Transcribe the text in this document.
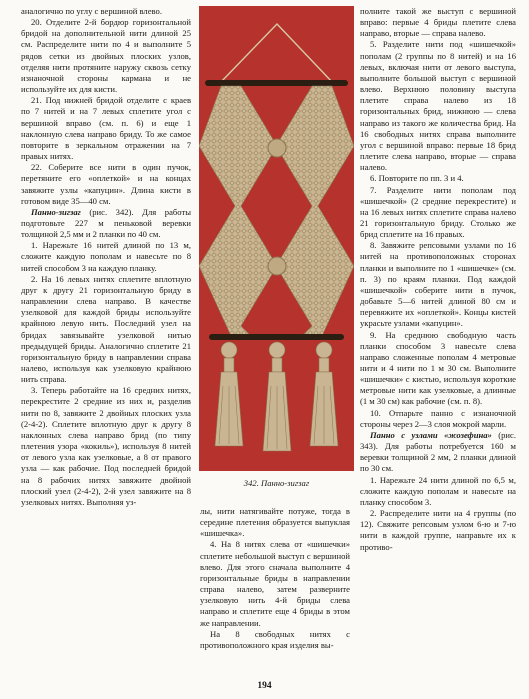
аналогично по углу с вершиной влево.

20. Отделите 2-й бордюр горизонтальной бридой на дополнительной нити длиной 25 см. Распределите нити по 4 и выполните 5 рядов сетки из двойных плоских узлов, отделяя нити протяните наружу сквозь сетку изнаночной стороны кармана и не используйте их для кисти.

21. Под нижней бридой отделите с краев по 7 нитей и на 7 левых сплетите угол с вершиной вправо (см. п. 6) и еще 1 наклонную слева направо бриду. То же самое повторите в зеркальном отражении на 7 правых нитях.

22. Соберите все нити в один пучок, перетяните его «оплеткой» и на концах завяжите узлы «капуцин». Длина кисти в готовом виде 35—40 см.

Панно-зигзаг (рис. 342). Для работы подготовьте 227 м пеньковой веревки толщиной 2,5 мм и 2 планки по 40 см.

1. Нарежьте 16 нитей длиной по 13 м, сложите каждую пополам и навесьте по 8 нитей способом 3 на каждую планку.

2. На 16 левых нитях сплетите вплотную друг к другу 21 горизонтальную бриду в направлении слева направо. В качестве узелковой для каждой бриды используйте крайнюю левую нить. Последний узел на бридах завязывайте узелковой нитью предыдущей бриды. Аналогично сплетите 21 горизонтальную бриду в направлении справа налево, используя как узелковую крайнюю нить справа.

3. Теперь работайте на 16 средних нитях, перекрестите 2 средние из них и, разделив нити по 8, завяжите 2 двойных плоских узла (2-4-2). Сплетите вплотную друг к другу 8 наклонных слева направо брид (по типу плетения узора «кокиль»), используя 8 нитей от левого узла как узелковые, а 8 от правого узла — как рабочие. Под последней бридой на 8 рабочих нитях завяжите двойной плоский узел (2-4-2), 2-й узел завяжите на 8 узелковых нитях. Выполняя уз-

342. Панно-зигзаг

лы, нити натягивайте потуже, тогда в середине плетения образуется выпуклая «шишечка».

4. На 8 нитях слева от «шишечки» сплетите небольшой выступ с вершиной влево. Для этого сначала выполните 4 горизонтальные бриды в направлении справа налево, затем разверните узелковую нить 4-й бриды слева направо и сплетите еще 4 бриды в этом же направлении.

На 8 свободных нитях с противоположного края изделия вы-

полните такой же выступ с вершиной вправо: первые 4 бриды плетите слева направо, вторые — справа налево.

5. Разделите нити под «шишечкой» пополам (2 группы по 8 нитей) и на 16 левых, включая нити от левого выступа, выполните большой выступ с вершиной влево. Верхнюю половину выступа плетите справа налево из 18 горизонтальных брид, нижнюю — слева направо из такого же количества брид. На 16 свободных нитях справа выполните угол с вершиной вправо: первые 18 брид плетите слева направо, вторые — справа налево.

6. Повторите по пп. 3 и 4.

7. Разделите нити пополам под «шишечкой» (2 средние перекрестите) и на 16 левых нитях сплетите справа налево 21 горизонтальную бриду. Столько же брид сплетите на 16 правых.

8. Завяжите репсовыми узлами по 16 нитей на противоположных сторонах планки и выполните по 1 «шишечке» (см. п. 3) по краям планки. Под каждой «шишечкой» соберите нити в пучок, добавьте 5—6 нитей длиной 80 см и перевяжите их «оплеткой». Концы кистей украсьте узлами «капуцин».

9. На среднюю свободную часть планки способом 3 навесьте слева направо сложенные пополам 4 метровые нити и 4 нити по 1 м 30 см. Выполните «шишечки» с кистью, используя короткие метровые нити как узелковые, а длинные (1 м 30 см) как рабочие (см. п. 8).

10. Отпарьте панно с изнаночной стороны через 2—3 слоя мокрой марли.

Панно с узлами «жозефина» (рис. 343). Для работы потребуется 160 м веревки толщиной 2 мм, 2 планки длиной по 30 см.

1. Нарежьте 24 нити длиной по 6,5 м, сложите каждую пополам и навесьте на планку способом 3.

2. Распределите нити на 4 группы (по 12). Свяжите репсовым узлом 6-ю и 7-ю нити в каждой группе, направьте их к противо-

194
